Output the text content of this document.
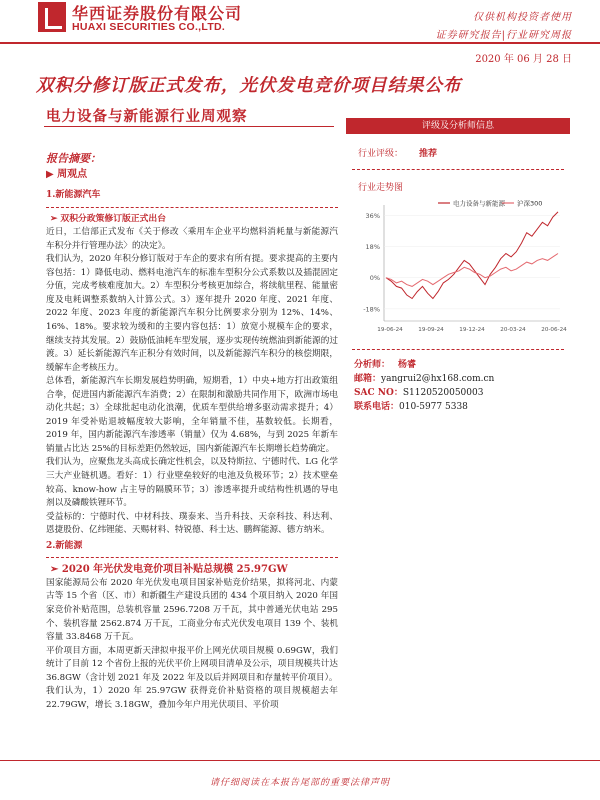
华西证券股份有限公司
HUAXI SECURITIES CO.,LTD.
仅供机构投资者使用
证券研究报告|行业研究周报
2020 年 06 月 28 日
双积分修订版正式发布，光伏发电竞价项目结果公布
电力设备与新能源行业周观察

报告摘要：

▶ 周观点

1.新能源汽车

➢ 双积分政策修订版正式出台

近日，工信部正式发布《关于修改〈乘用车企业平均燃料消耗量与新能源汽车积分并行管理办法〉的决定》。

我们认为，2020 年积分修订版对于车企的要求有所有提。要求提高的主要内容包括：1）降低电动、燃料电池汽车的标准车型积分公式系数以及插混固定分值，完成考核难度加大。2）车型积分考核更加综合，将续航里程、能量密度及电耗调整系数纳入计算公式。3）逐年提升 2020 年度、2021 年度、2022 年度、2023 年度的新能源汽车积分比例要求分别为 12%、14%、16%、18%。要求较为缓和的主要内容包括：1）放宽小规模车企的要求，继续支持其发展。2）鼓励低油耗车型发展，逐步实现传统燃油到新能源的过渡。3）延长新能源汽车正积分有效时间，以及新能源汽车积分的核偿期限，缓解车企考核压力。

总体看，新能源汽车长期发展趋势明确，短期看，1）中央+地方打出政策组合拳，促进国内新能源汽车消费；2）在限制和激励共同作用下，欧洲市场电动化共起；3）全球批起电动化浪潮，优质车型供给增多驱动需求提升；4）2019 年受补贴退坡幅度较大影响，全年销量不佳，基数较低。长期看，2019 年，国内新能源汽车渗透率（销量）仅为 4.68%，与到 2025 年新车销量占比达 25%的目标差距仍然较远，国内新能源汽车长期增长趋势确定。

我们认为，应聚焦龙头高成长确定性机会，以及特斯拉、宁德时代、LG 化学三大产业链机遇。看好：1）行业壁垒较好的电池及负极环节；2）技术壁垒较高、know-how 占主导的隔膜环节；3）渗透率提升或结构性机遇的导电剂以及磷酸铁锂环节。

受益标的：宁德时代、中材科技、璞泰来、当升科技、天奈科技、科达利、恩捷股份、亿纬锂能、天赐材料、特锐德、科士达、鹏辉能源、德方纳米。

2.新能源

➢ 2020 年光伏发电竞价项目补贴总规模 25.97GW

国家能源局公布 2020 年光伏发电项目国家补贴竞价结果，拟将河北、内蒙古等 15 个省（区、市）和新疆生产建设兵团的 434 个项目纳入 2020 年国家竞价补贴范围，总装机容量 2596.7208 万千瓦，其中普通光伏电站 295 个、装机容量 2562.874 万千瓦，工商业分布式光伏发电项目 139 个、装机容量 33.8468 万千瓦。

平价项目方面，本周更新天津拟申报平价上网光伏项目规模 0.69GW，我们统计了目前 12 个省份上报的光伏平价上网项目清单及公示，项目规模共计达 36.8GW（含计划 2021 年及 2022 年及以后并网项目和存量转平价项目）。

我们认为，1）2020 年 25.97GW 获得竞价补贴资格的项目规模超去年 22.79GW，增长 3.18GW，叠加今年户用光伏项目、平价项

评级及分析师信息
行业评级： 推荐
行业走势图
36%
18%
0%
-18%
19-06-24	19-09-24	19-12-24	20-03-24	20-06-24
电力设备与新能源 沪深300
分析师： 杨睿
邮箱：yangrui2@hx168.com.cn
SAC NO：S1120520050003
联系电话：010-5977 5338
请仔细阅读在本报告尾部的重要法律声明
